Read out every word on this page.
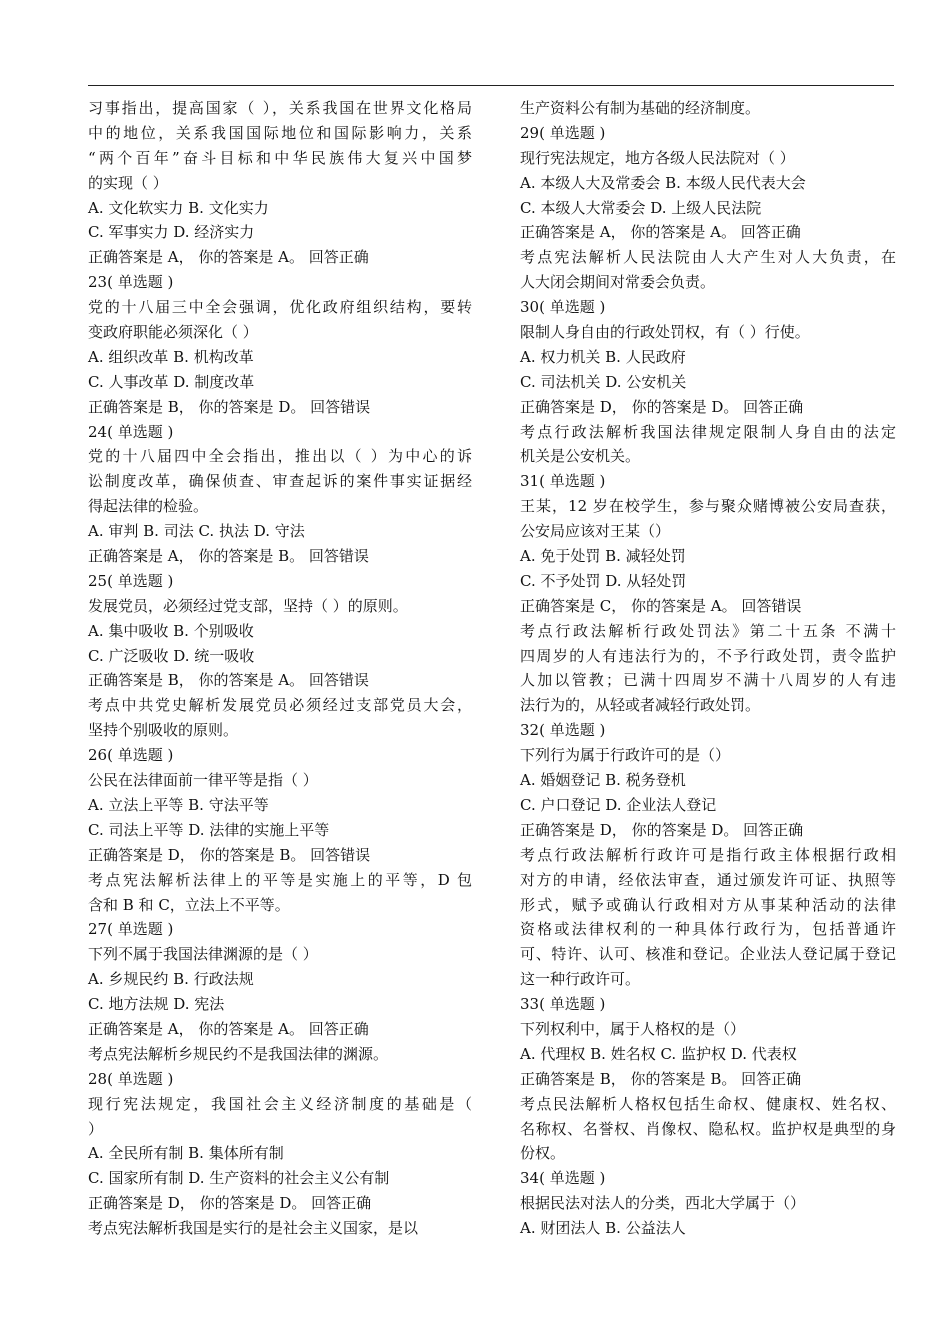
习事指出，提高国家（ ），关系我国在世界文化格局
中的地位，关系我国国际地位和国际影响力，关系
“两个百年”奋斗目标和中华民族伟大复兴中国梦
的实现（ ）
A. 文化软实力 B. 文化实力
C. 军事实力 D. 经济实力
正确答案是 A， 你的答案是 A。 回答正确
23( 单选题 )
党的十八届三中全会强调，优化政府组织结构，要转
变政府职能必须深化（ ）
A. 组织改革 B. 机构改革
C. 人事改革 D. 制度改革
正确答案是 B， 你的答案是 D。 回答错误
24( 单选题 )
党的十八届四中全会指出，推出以（ ）为中心的诉
讼制度改革，确保侦查、审查起诉的案件事实证据经
得起法律的检验。
A. 审判 B. 司法 C. 执法 D. 守法
正确答案是 A， 你的答案是 B。 回答错误
25( 单选题 )
发展党员，必须经过党支部，坚持（ ）的原则。
A. 集中吸收 B. 个别吸收
C. 广泛吸收 D. 统一吸收
正确答案是 B， 你的答案是 A。 回答错误
考点中共党史解析发展党员必须经过支部党员大会，
坚持个别吸收的原则。
26( 单选题 )
公民在法律面前一律平等是指（ ）
A. 立法上平等 B. 守法平等
C. 司法上平等 D. 法律的实施上平等
正确答案是 D， 你的答案是 B。 回答错误
考点宪法解析法律上的平等是实施上的平等，D 包
含和 B 和 C，立法上不平等。
27( 单选题 )
下列不属于我国法律渊源的是（ ）
A. 乡规民约 B. 行政法规
C. 地方法规 D. 宪法
正确答案是 A， 你的答案是 A。 回答正确
考点宪法解析乡规民约不是我国法律的渊源。
28( 单选题 )
现行宪法规定，我国社会主义经济制度的基础是（
）
A. 全民所有制 B. 集体所有制
C. 国家所有制 D. 生产资料的社会主义公有制
正确答案是 D， 你的答案是 D。 回答正确
考点宪法解析我国是实行的是社会主义国家，是以
生产资料公有制为基础的经济制度。
29( 单选题 )
现行宪法规定，地方各级人民法院对（ ）
A. 本级人大及常委会 B. 本级人民代表大会
C. 本级人大常委会 D. 上级人民法院
正确答案是 A， 你的答案是 A。 回答正确
考点宪法解析人民法院由人大产生对人大负责，在
人大闭会期间对常委会负责。
30( 单选题 )
限制人身自由的行政处罚权，有（ ）行使。
A. 权力机关 B. 人民政府
C. 司法机关 D. 公安机关
正确答案是 D， 你的答案是 D。 回答正确
考点行政法解析我国法律规定限制人身自由的法定
机关是公安机关。
31( 单选题 )
王某，12 岁在校学生，参与聚众赌博被公安局查获，
公安局应该对王某（）
A. 免于处罚 B. 减轻处罚
C. 不予处罚 D. 从轻处罚
正确答案是 C， 你的答案是 A。 回答错误
考点行政法解析行政处罚法》第二十五条 不满十
四周岁的人有违法行为的，不予行政处罚，责令监护
人加以管教；已满十四周岁不满十八周岁的人有违
法行为的，从轻或者减轻行政处罚。
32( 单选题 )
下列行为属于行政许可的是（）
A. 婚姻登记 B. 税务登机
C. 户口登记 D. 企业法人登记
正确答案是 D， 你的答案是 D。 回答正确
考点行政法解析行政许可是指行政主体根据行政相
对方的申请，经依法审查，通过颁发许可证、执照等
形式，赋予或确认行政相对方从事某种活动的法律
资格或法律权利的一种具体行政行为，包括普通许
可、特许、认可、核准和登记。企业法人登记属于登记
这一种行政许可。
33( 单选题 )
下列权利中，属于人格权的是（）
A. 代理权 B. 姓名权 C. 监护权 D. 代表权
正确答案是 B， 你的答案是 B。 回答正确
考点民法解析人格权包括生命权、健康权、姓名权、
名称权、名誉权、肖像权、隐私权。监护权是典型的身
份权。
34( 单选题 )
根据民法对法人的分类，西北大学属于（）
A. 财团法人 B. 公益法人
